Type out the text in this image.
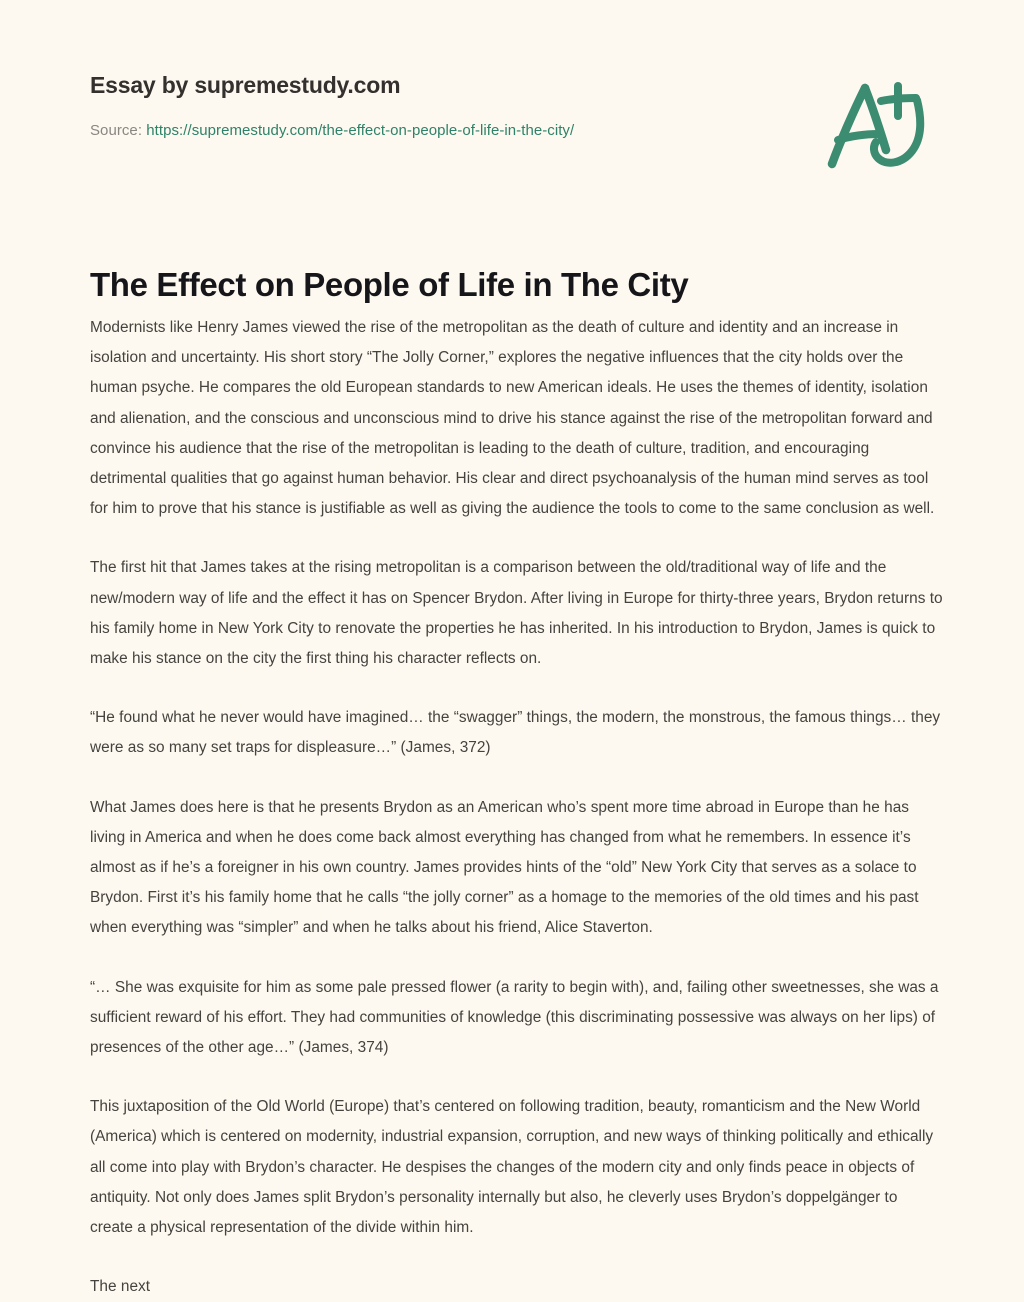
Essay by supremestudy.com
Source: https://supremestudy.com/the-effect-on-people-of-life-in-the-city/
The Effect on People of Life in The City

Modernists like Henry James viewed the rise of the metropolitan as the death of culture and identity and an increase in isolation and uncertainty. His short story “The Jolly Corner,” explores the negative influences that the city holds over the human psyche. He compares the old European standards to new American ideals. He uses the themes of identity, isolation and alienation, and the conscious and unconscious mind to drive his stance against the rise of the metropolitan forward and convince his audience that the rise of the metropolitan is leading to the death of culture, tradition, and encouraging detrimental qualities that go against human behavior. His clear and direct psychoanalysis of the human mind serves as tool for him to prove that his stance is justifiable as well as giving the audience the tools to come to the same conclusion as well.

The first hit that James takes at the rising metropolitan is a comparison between the old/traditional way of life and the new/modern way of life and the effect it has on Spencer Brydon. After living in Europe for thirty-three years, Brydon returns to his family home in New York City to renovate the properties he has inherited. In his introduction to Brydon, James is quick to make his stance on the city the first thing his character reflects on.

“He found what he never would have imagined… the “swagger” things, the modern, the monstrous, the famous things… they were as so many set traps for displeasure…” (James, 372)

What James does here is that he presents Brydon as an American who’s spent more time abroad in Europe than he has living in America and when he does come back almost everything has changed from what he remembers. In essence it’s almost as if he’s a foreigner in his own country. James provides hints of the “old” New York City that serves as a solace to Brydon. First it’s his family home that he calls “the jolly corner” as a homage to the memories of the old times and his past when everything was “simpler” and when he talks about his friend, Alice Staverton.

“… She was exquisite for him as some pale pressed flower (a rarity to begin with), and, failing other sweetnesses, she was a sufficient reward of his effort. They had communities of knowledge (this discriminating possessive was always on her lips) of presences of the other age…” (James, 374)

This juxtaposition of the Old World (Europe) that’s centered on following tradition, beauty, romanticism and the New World (America) which is centered on modernity, industrial expansion, corruption, and new ways of thinking politically and ethically all come into play with Brydon’s character. He despises the changes of the modern city and only finds peace in objects of antiquity. Not only does James split Brydon’s personality internally but also, he cleverly uses Brydon’s doppelgänger to create a physical representation of the divide within him.

The next
